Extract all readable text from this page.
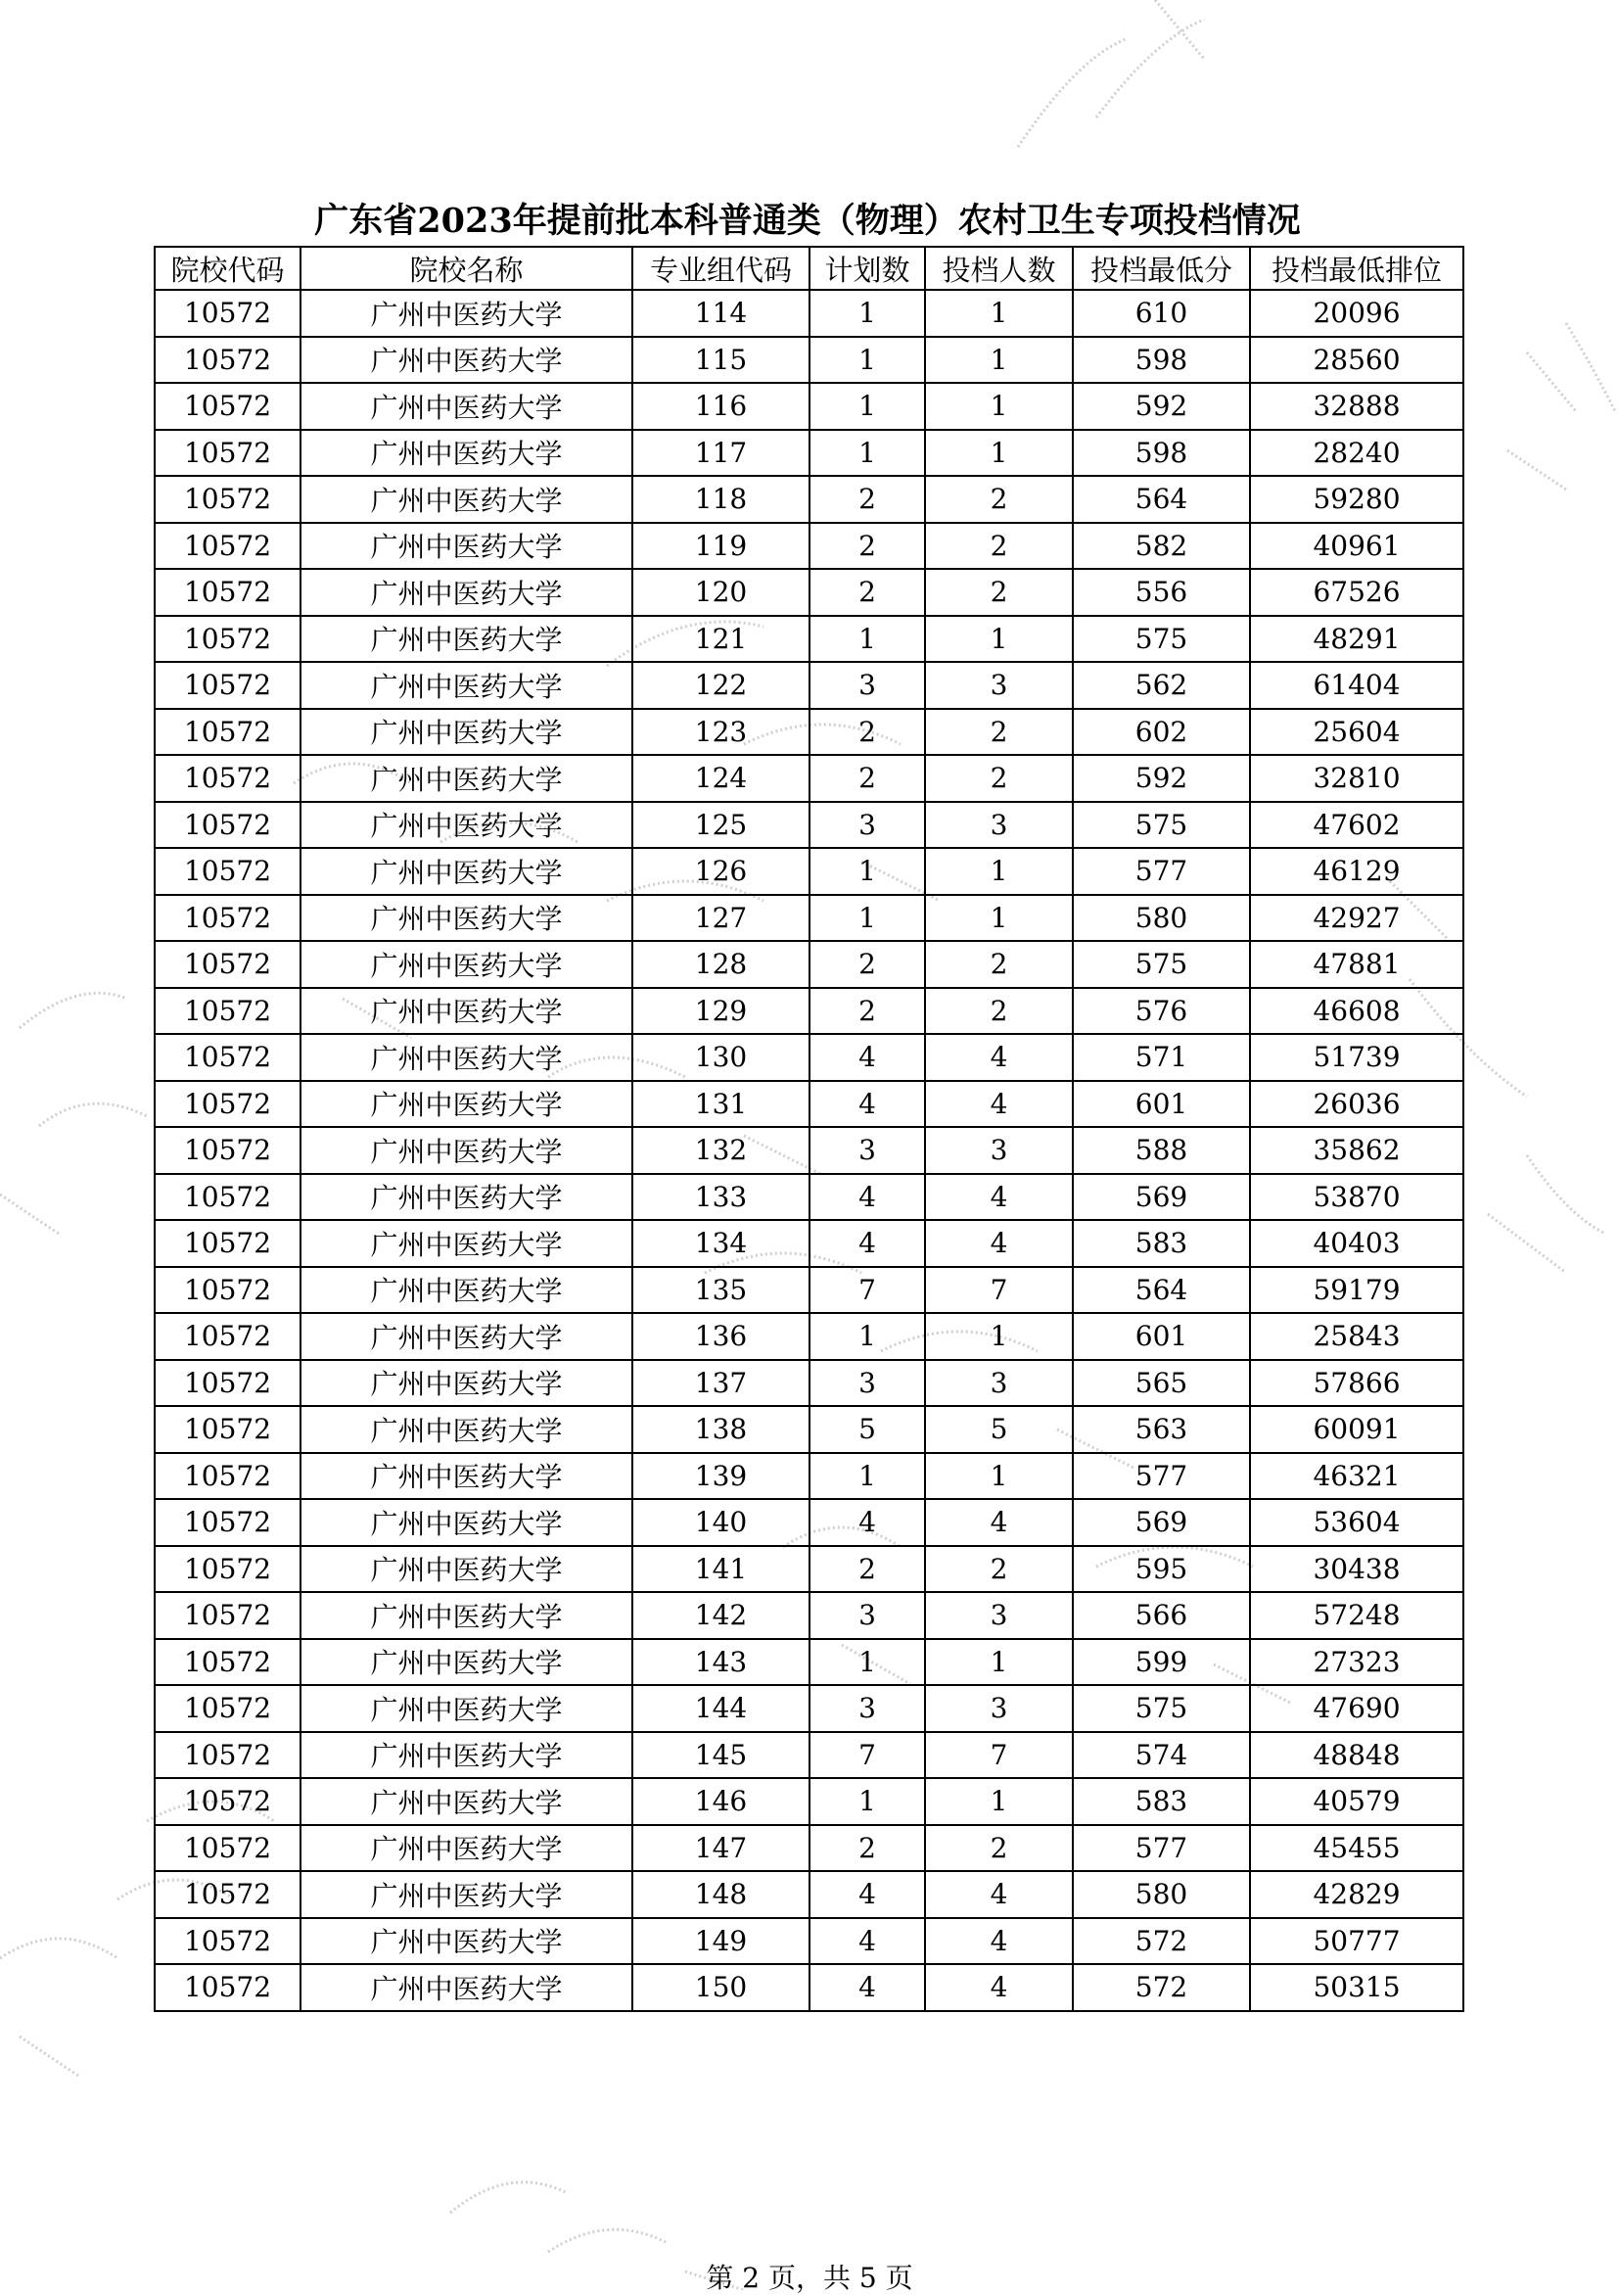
广东省2023年提前批本科普通类（物理）农村卫生专项投档情况
院校代码	院校名称	专业组代码	计划数	投档人数	投档最低分	投档最低排位
10572	广州中医药大学	114	1	1	610	20096
10572	广州中医药大学	115	1	1	598	28560
10572	广州中医药大学	116	1	1	592	32888
10572	广州中医药大学	117	1	1	598	28240
10572	广州中医药大学	118	2	2	564	59280
10572	广州中医药大学	119	2	2	582	40961
10572	广州中医药大学	120	2	2	556	67526
10572	广州中医药大学	121	1	1	575	48291
10572	广州中医药大学	122	3	3	562	61404
10572	广州中医药大学	123	2	2	602	25604
10572	广州中医药大学	124	2	2	592	32810
10572	广州中医药大学	125	3	3	575	47602
10572	广州中医药大学	126	1	1	577	46129
10572	广州中医药大学	127	1	1	580	42927
10572	广州中医药大学	128	2	2	575	47881
10572	广州中医药大学	129	2	2	576	46608
10572	广州中医药大学	130	4	4	571	51739
10572	广州中医药大学	131	4	4	601	26036
10572	广州中医药大学	132	3	3	588	35862
10572	广州中医药大学	133	4	4	569	53870
10572	广州中医药大学	134	4	4	583	40403
10572	广州中医药大学	135	7	7	564	59179
10572	广州中医药大学	136	1	1	601	25843
10572	广州中医药大学	137	3	3	565	57866
10572	广州中医药大学	138	5	5	563	60091
10572	广州中医药大学	139	1	1	577	46321
10572	广州中医药大学	140	4	4	569	53604
10572	广州中医药大学	141	2	2	595	30438
10572	广州中医药大学	142	3	3	566	57248
10572	广州中医药大学	143	1	1	599	27323
10572	广州中医药大学	144	3	3	575	47690
10572	广州中医药大学	145	7	7	574	48848
10572	广州中医药大学	146	1	1	583	40579
10572	广州中医药大学	147	2	2	577	45455
10572	广州中医药大学	148	4	4	580	42829
10572	广州中医药大学	149	4	4	572	50777
10572	广州中医药大学	150	4	4	572	50315
第 2 页，共 5 页
